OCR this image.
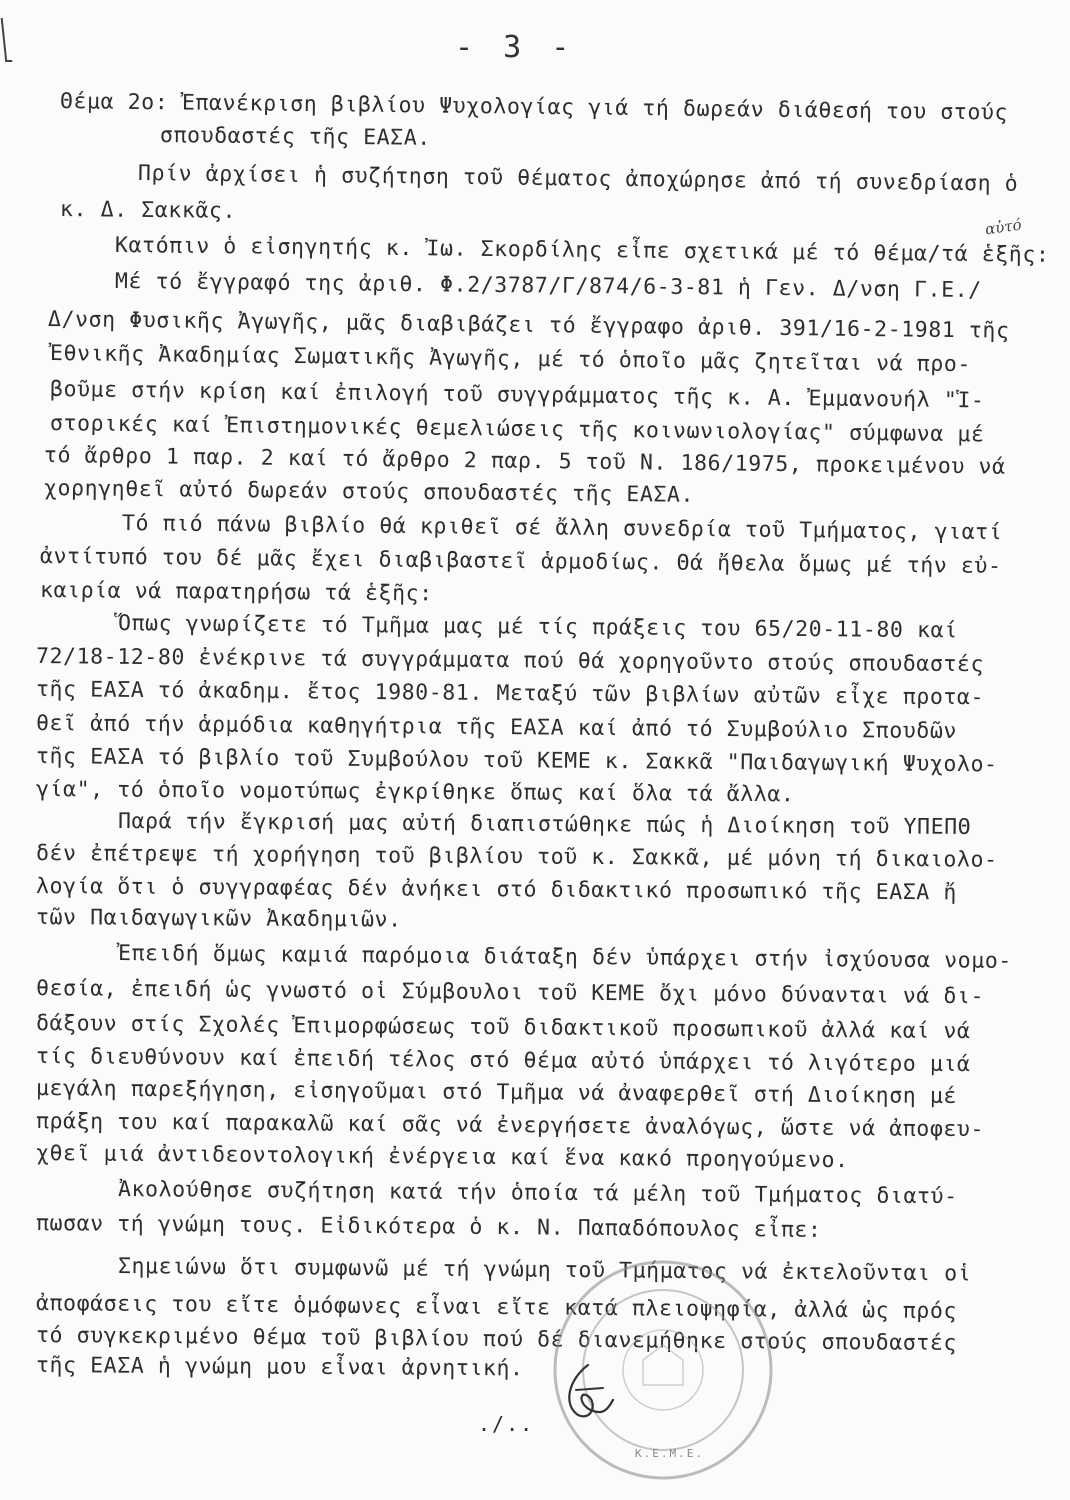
- 3 -
Θέμα 2ο: Ἐπανέκριση βιβλίου Ψυχολογίας γιά τή δωρεάν διάθεσή του στούς
σπουδαστές τῆς ΕΑΣΑ.
Πρίν ἀρχίσει ἡ συζήτηση τοῦ θέματος ἀποχώρησε ἀπό τή συνεδρίαση ὁ
κ. Δ. Σακκᾶς.
Κατόπιν ὁ εἰσηγητής κ. Ἰω. Σκορδίλης εἶπε σχετικά μέ τό θέμα/τά ἑξῆς:
Μέ τό ἔγγραφό της ἀριθ. Φ.2/3787/Γ/874/6-3-81 ἡ Γεν. Δ/νση Γ.Ε./
Δ/νση Φυσικῆς Ἀγωγῆς, μᾶς διαβιβάζει τό ἔγγραφο ἀριθ. 391/16-2-1981 τῆς
Ἐθνικῆς Ἀκαδημίας Σωματικῆς Ἀγωγῆς, μέ τό ὁποῖο μᾶς ζητεῖται νά προ-
βοῦμε στήν κρίση καί ἐπιλογή τοῦ συγγράμματος τῆς κ. Α. Ἐμμανουήλ "Ἱ-
στορικές καί Ἐπιστημονικές θεμελιώσεις τῆς κοινωνιολογίας" σύμφωνα μέ
τό ἄρθρο 1 παρ. 2 καί τό ἄρθρο 2 παρ. 5 τοῦ Ν. 186/1975, προκειμένου νά
χορηγηθεῖ αὐτό δωρεάν στούς σπουδαστές τῆς ΕΑΣΑ.
Τό πιό πάνω βιβλίο θά κριθεῖ σέ ἄλλη συνεδρία τοῦ Τμήματος, γιατί
ἀντίτυπό του δέ μᾶς ἔχει διαβιβαστεῖ ἁρμοδίως. Θά ἤθελα ὅμως μέ τήν εὐ-
καιρία νά παρατηρήσω τά ἑξῆς:
Ὅπως γνωρίζετε τό Τμῆμα μας μέ τίς πράξεις του 65/20-11-80 καί
72/18-12-80 ἐνέκρινε τά συγγράμματα πού θά χορηγοῦντο στούς σπουδαστές
τῆς ΕΑΣΑ τό ἀκαδημ. ἔτος 1980-81. Μεταξύ τῶν βιβλίων αὐτῶν εἶχε προτα-
θεῖ ἀπό τήν ἁρμόδια καθηγήτρια τῆς ΕΑΣΑ καί ἀπό τό Συμβούλιο Σπουδῶν
τῆς ΕΑΣΑ τό βιβλίο τοῦ Συμβούλου τοῦ ΚΕΜΕ κ. Σακκᾶ "Παιδαγωγική Ψυχολο-
γία", τό ὁποῖο νομοτύπως ἐγκρίθηκε ὅπως καί ὅλα τά ἄλλα.
Παρά τήν ἔγκρισή μας αὐτή διαπιστώθηκε πώς ἡ Διοίκηση τοῦ ΥΠΕΠΘ
δέν ἐπέτρεψε τή χορήγηση τοῦ βιβλίου τοῦ κ. Σακκᾶ, μέ μόνη τή δικαιολο-
λογία ὅτι ὁ συγγραφέας δέν ἀνήκει στό διδακτικό προσωπικό τῆς ΕΑΣΑ ἤ
τῶν Παιδαγωγικῶν Ἀκαδημιῶν.
Ἐπειδή ὅμως καμιά παρόμοια διάταξη δέν ὑπάρχει στήν ἰσχύουσα νομο-
θεσία, ἐπειδή ὡς γνωστό οἱ Σύμβουλοι τοῦ ΚΕΜΕ ὄχι μόνο δύνανται νά δι-
δάξουν στίς Σχολές Ἐπιμορφώσεως τοῦ διδακτικοῦ προσωπικοῦ ἀλλά καί νά
τίς διευθύνουν καί ἐπειδή τέλος στό θέμα αὐτό ὑπάρχει τό λιγότερο μιά
μεγάλη παρεξήγηση, εἰσηγοῦμαι στό Τμῆμα νά ἀναφερθεῖ στή Διοίκηση μέ
πράξη του καί παρακαλῶ καί σᾶς νά ἐνεργήσετε ἀναλόγως, ὥστε νά ἀποφευ-
χθεῖ μιά ἀντιδεοντολογική ἐνέργεια καί ἕνα κακό προηγούμενο.
Ἀκολούθησε συζήτηση κατά τήν ὁποία τά μέλη τοῦ Τμήματος διατύ-
πωσαν τή γνώμη τους. Εἰδικότερα ὁ κ. Ν. Παπαδόπουλος εἶπε:
Σημειώνω ὅτι συμφωνῶ μέ τή γνώμη τοῦ Τμήματος νά ἐκτελοῦνται οἱ
ἀποφάσεις του εἴτε ὁμόφωνες εἶναι εἴτε κατά πλειοψηφία, ἀλλά ὡς πρός
τό συγκεκριμένο θέμα τοῦ βιβλίου πού δέ διανεμήθηκε στούς σπουδαστές
τῆς ΕΑΣΑ ἡ γνώμη μου εἶναι ἀρνητική.
αὐτό
Κ.Ε.Μ.Ε.
./..
